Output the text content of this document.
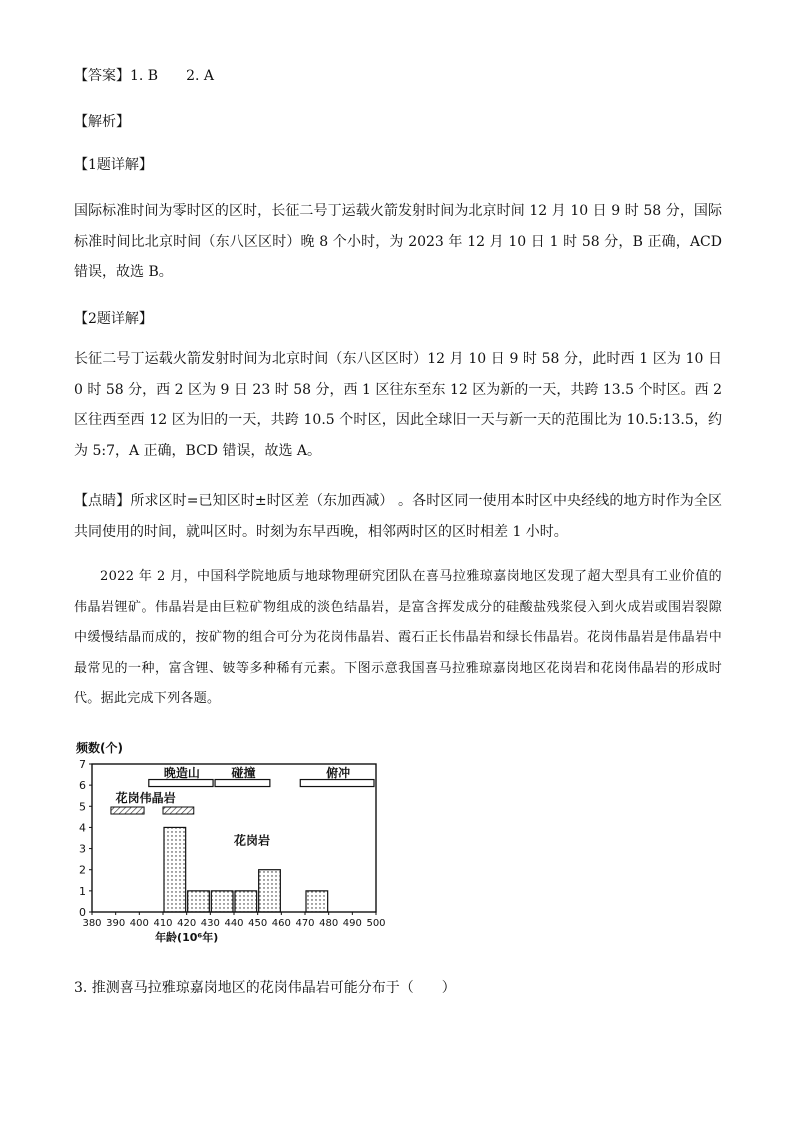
【答案】1. B　　2. A
【解析】
【1题详解】
国际标准时间为零时区的区时，长征二号丁运载火箭发射时间为北京时间 12 月 10 日 9 时 58 分，国际标准时间比北京时间（东八区区时）晚 8 个小时，为 2023 年 12 月 10 日 1 时 58 分，B 正确，ACD 错误，故选 B。
【2题详解】
长征二号丁运载火箭发射时间为北京时间（东八区区时）12 月 10 日 9 时 58 分，此时西 1 区为 10 日 0 时 58 分，西 2 区为 9 日 23 时 58 分，西 1 区往东至东 12 区为新的一天，共跨 13.5 个时区。西 2 区往西至西 12 区为旧的一天，共跨 10.5 个时区，因此全球旧一天与新一天的范围比为 10.5:13.5，约为 5:7，A 正确，BCD 错误，故选 A。
【点睛】所求区时=已知区时±时区差（东加西减） 。各时区同一使用本时区中央经线的地方时作为全区共同使用的时间，就叫区时。时刻为东早西晚，相邻两时区的区时相差 1 小时。
2022 年 2 月，中国科学院地质与地球物理研究团队在喜马拉雅琼嘉岗地区发现了超大型具有工业价值的伟晶岩锂矿。伟晶岩是由巨粒矿物组成的淡色结晶岩，是富含挥发成分的硅酸盐残浆侵入到火成岩或围岩裂隙中缓慢结晶而成的，按矿物的组合可分为花岗伟晶岩、霞石正长伟晶岩和绿长伟晶岩。花岗伟晶岩是伟晶岩中最常见的一种，富含锂、铍等多种稀有元素。下图示意我国喜马拉雅琼嘉岗地区花岗岩和花岗伟晶岩的形成时代。据此完成下列各题。
0
1
2
3
4
5
6
7
380 390 400 410 420 430 440 450 460 470 480 490 500
晚造山	碰撞	俯冲
频数(个)
年龄(10⁶年)
花岗岩
花岗伟晶岩
3. 推测喜马拉雅琼嘉岗地区的花岗伟晶岩可能分布于（　　）
